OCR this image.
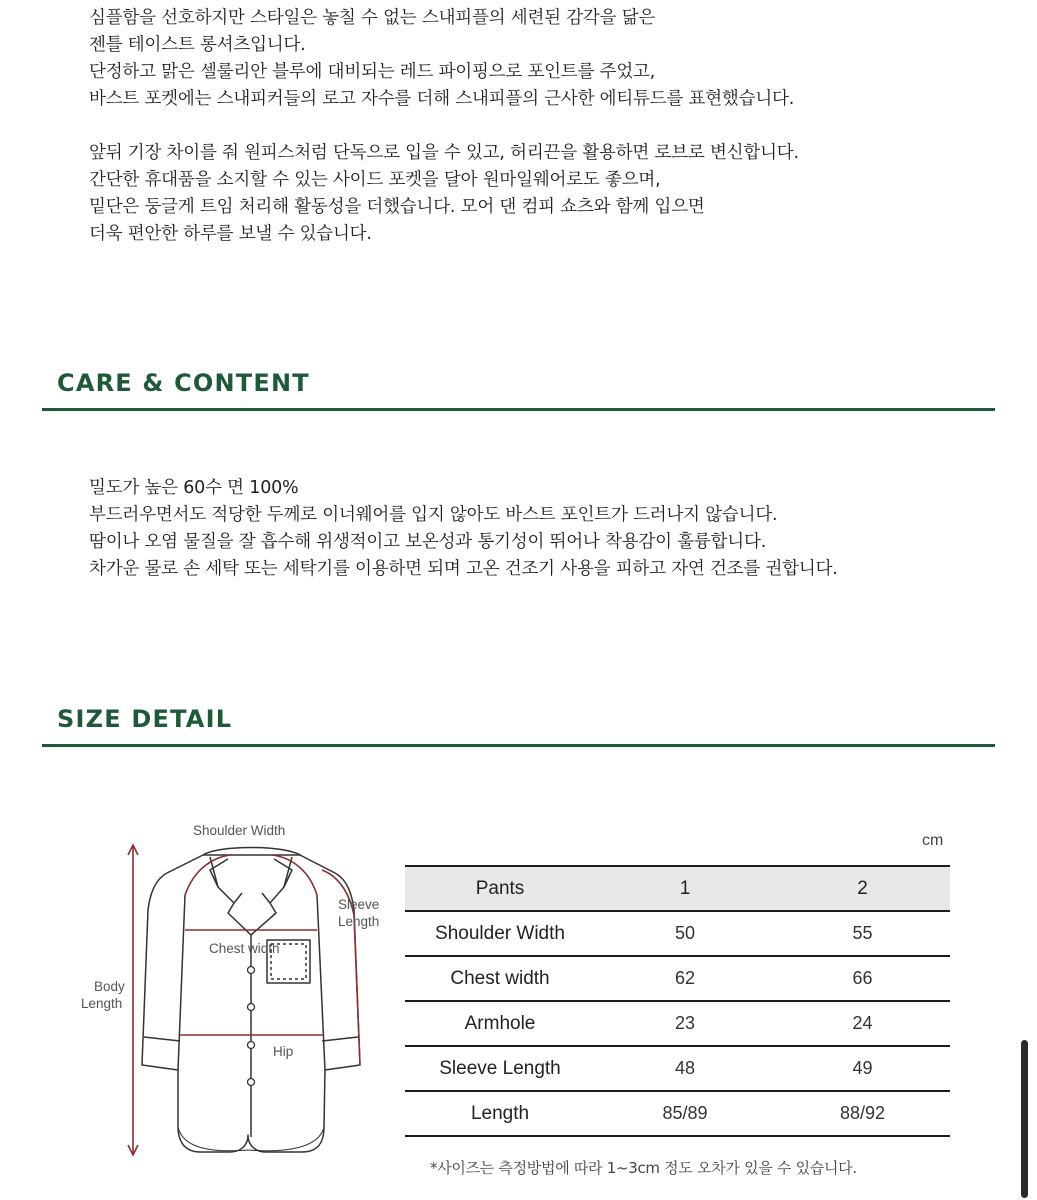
심플함을 선호하지만 스타일은 놓칠 수 없는 스내피플의 세련된 감각을 닮은
젠틀 테이스트 롱셔츠입니다.
단정하고 맑은 셀룰리안 블루에 대비되는 레드 파이핑으로 포인트를 주었고,
바스트 포켓에는 스내피커들의 로고 자수를 더해 스내피플의 근사한 에티튜드를 표현했습니다.

앞뒤 기장 차이를 줘 원피스처럼 단독으로 입을 수 있고, 허리끈을 활용하면 로브로 변신합니다.
간단한 휴대품을 소지할 수 있는 사이드 포켓을 달아 원마일웨어로도 좋으며,
밑단은 둥글게 트임 처리해 활동성을 더했습니다. 모어 댄 컴피 쇼츠와 함께 입으면
더욱 편안한 하루를 보낼 수 있습니다.
CARE & CONTENT
밀도가 높은 60수 면 100%
부드러우면서도 적당한 두께로 이너웨어를 입지 않아도 바스트 포인트가 드러나지 않습니다.
땀이나 오염 물질을 잘 흡수해 위생적이고 보온성과 통기성이 뛰어나 착용감이 훌륭합니다.
차가운 물로 손 세탁 또는 세탁기를 이용하면 되며 고온 건조기 사용을 피하고 자연 건조를 권합니다.
SIZE DETAIL
Shoulder Width
Sleeve
Length
Chest width
Body
Length
Hip
cm
Pants	1	2
Shoulder Width	50	55
Chest width	62	66
Armhole	23	24
Sleeve Length	48	49
Length	85/89	88/92
*사이즈는 측정방법에 따라 1~3cm 정도 오차가 있을 수 있습니다.
